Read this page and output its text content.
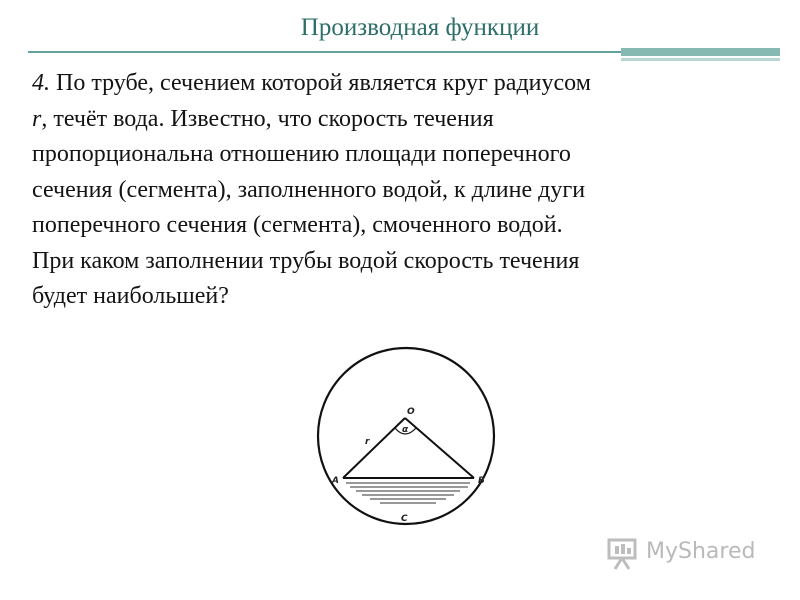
Производная функции
4. По трубе, сечением которой является круг радиусом
r, течёт вода. Известно, что скорость течения
пропорциональна отношению площади поперечного
сечения (сегмента), заполненного водой, к длине дуги
поперечного сечения (сегмента), смоченного водой.
При каком заполнении трубы водой скорость течения
будет наибольшей?
O
α
r
A	B
C
MyShared
